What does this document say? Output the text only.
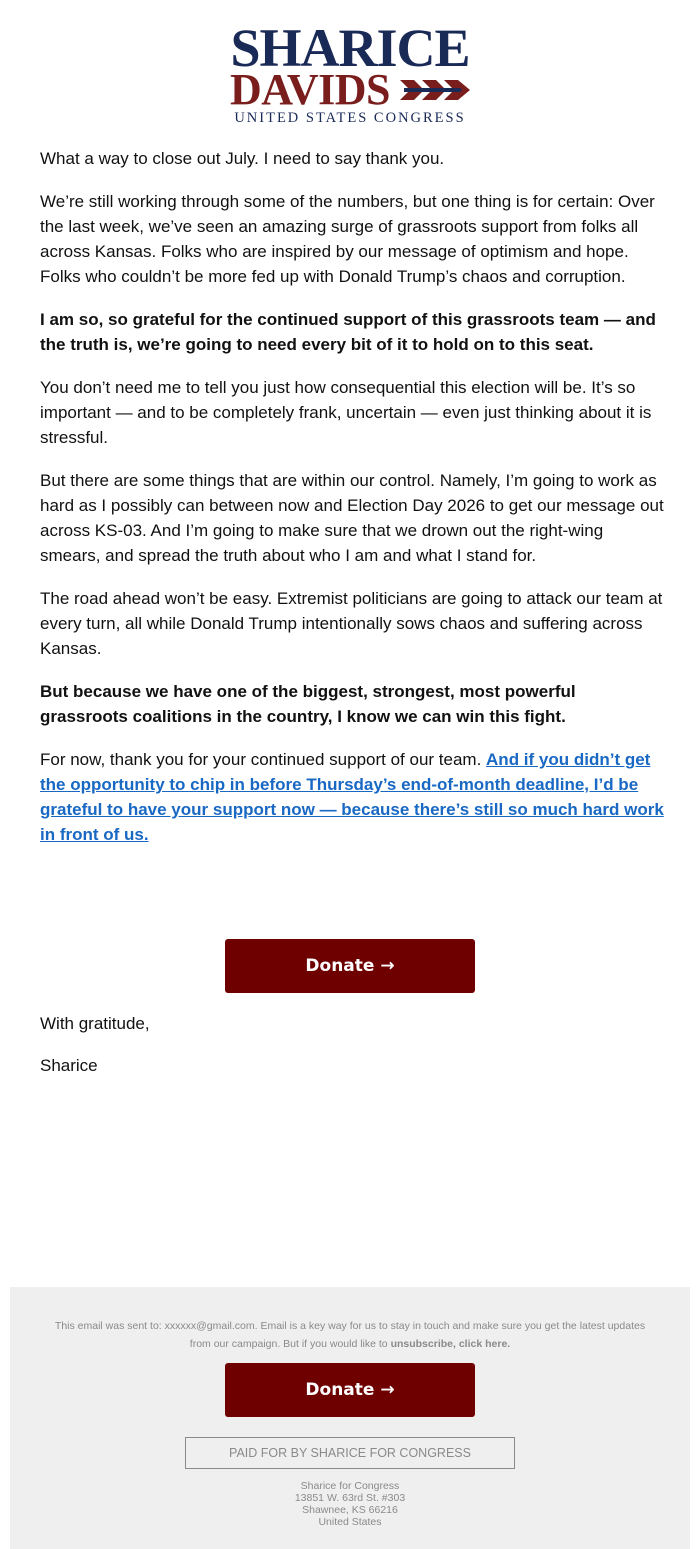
SHARICE
DAVIDS
UNITED STATES CONGRESS

What a way to close out July. I need to say thank you.

We’re still working through some of the numbers, but one thing is for certain: Over the last week, we’ve seen an amazing surge of grassroots support from folks all across Kansas. Folks who are inspired by our message of optimism and hope. Folks who couldn’t be more fed up with Donald Trump’s chaos and corruption.

I am so, so grateful for the continued support of this grassroots team — and the truth is, we’re going to need every bit of it to hold on to this seat.

You don’t need me to tell you just how consequential this election will be. It’s so important — and to be completely frank, uncertain — even just thinking about it is stressful.

But there are some things that are within our control. Namely, I’m going to work as hard as I possibly can between now and Election Day 2026 to get our message out across KS-03. And I’m going to make sure that we drown out the right-wing smears, and spread the truth about who I am and what I stand for.

The road ahead won’t be easy. Extremist politicians are going to attack our team at every turn, all while Donald Trump intentionally sows chaos and suffering across Kansas.

But because we have one of the biggest, strongest, most powerful grassroots coalitions in the country, I know we can win this fight.

For now, thank you for your continued support of our team. And if you didn’t get the opportunity to chip in before Thursday’s end-of-month deadline, I’d be grateful to have your support now — because there’s still so much hard work in front of us.

Donate →
With gratitude,
Sharice
This email was sent to: xxxxxx@gmail.com. Email is a key way for us to stay in touch and make sure you get the latest updates from our campaign. But if you would like to unsubscribe, click here.
Donate →
PAID FOR BY SHARICE FOR CONGRESS
Sharice for Congress
13851 W. 63rd St. #303
Shawnee, KS 66216
United States
